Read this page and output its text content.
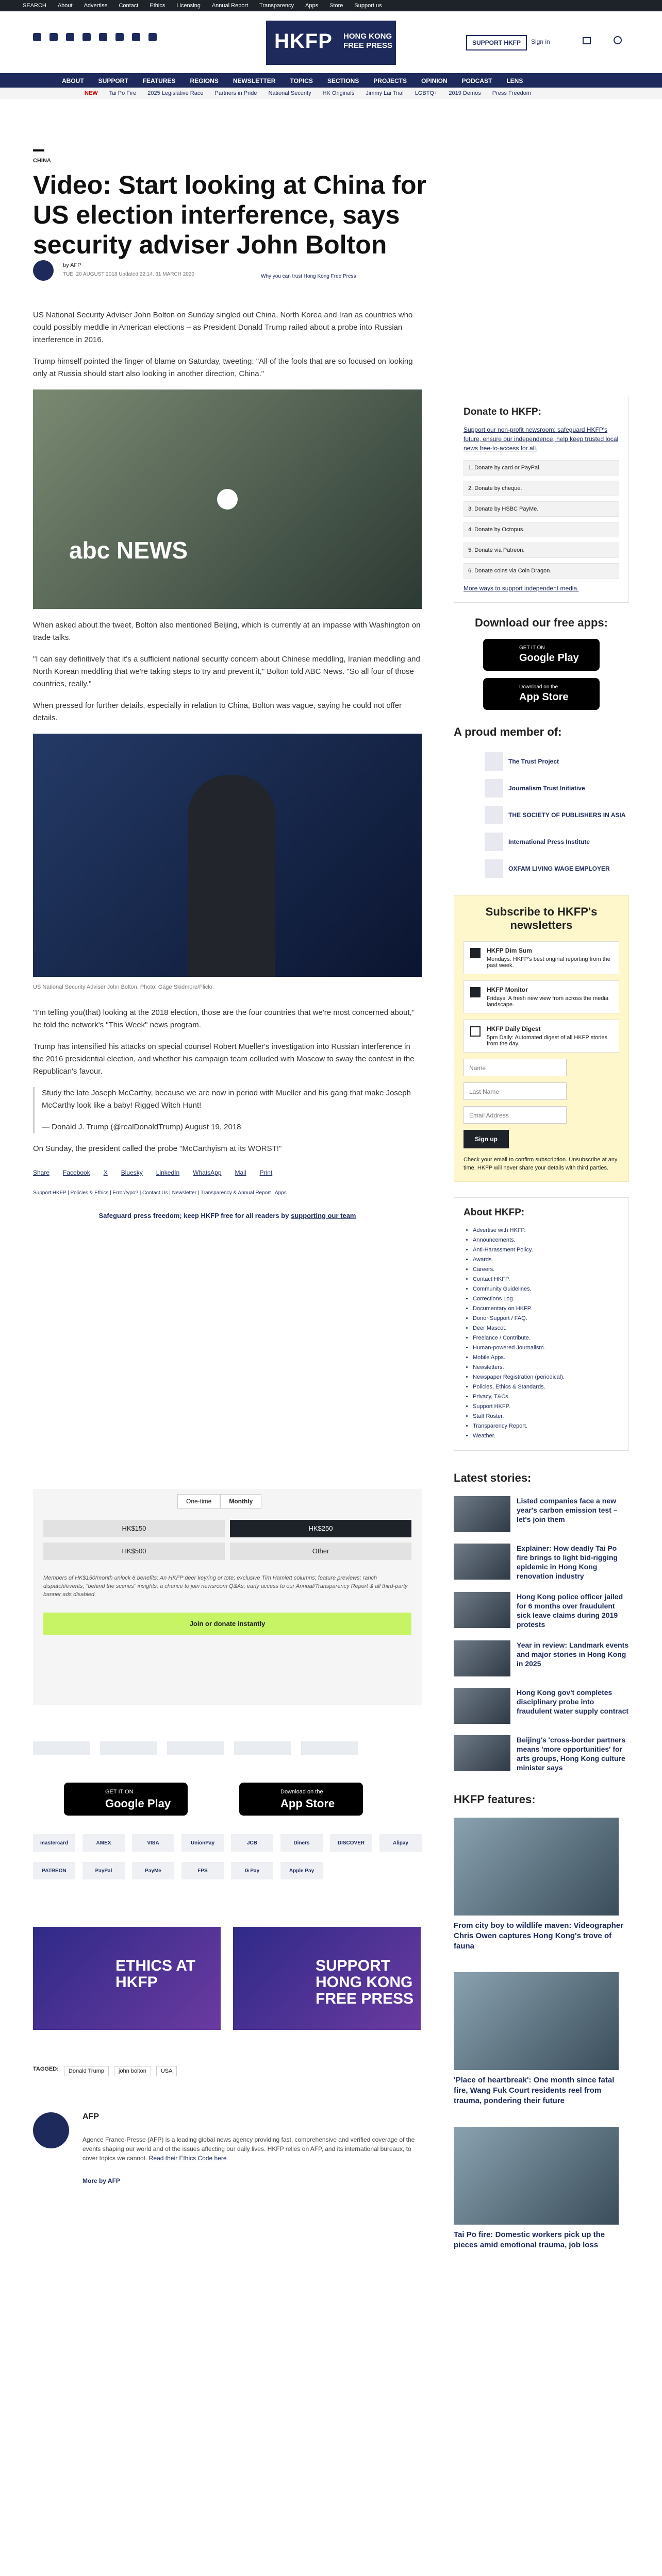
SEARCH About Advertise Contact Ethics Licensing Annual Report Transparency Apps Store Support us
HKFP HONG KONG
FREE PRESS	SUPPORT HKFP	Sign in
ABOUT SUPPORT FEATURES REGIONS NEWSLETTER TOPICS SECTIONS PROJECTS OPINION PODCAST LENS
NEW Tai Po Fire 2025 Legislative Race Partners in Pride National Security HK Originals Jimmy Lai Trial LGBTQ+ 2019 Demos Press Freedom
CHINA
Video: Start looking at China for US election interference, says security adviser John Bolton
by AFP
TUE, 20 AUGUST 2018 Updated 22:14, 31 MARCH 2020	Why you can trust Hong Kong Free Press

US National Security Adviser John Bolton on Sunday singled out China, North Korea and Iran as countries who could possibly meddle in American elections – as President Donald Trump railed about a probe into Russian interference in 2016.

Trump himself pointed the finger of blame on Saturday, tweeting: "All of the fools that are so focused on looking only at Russia should start also looking in another direction, China."

abc NEWS

When asked about the tweet, Bolton also mentioned Beijing, which is currently at an impasse with Washington on trade talks.

"I can say definitively that it's a sufficient national security concern about Chinese meddling, Iranian meddling and North Korean meddling that we're taking steps to try and prevent it," Bolton told ABC News. "So all four of those countries, really."

When pressed for further details, especially in relation to China, Bolton was vague, saying he could not offer details.

US National Security Adviser John Bolton. Photo: Gage Skidmore/Flickr.

"I'm telling you(that) looking at the 2018 election, those are the four countries that we're most concerned about," he told the network's "This Week" news program.

Trump has intensified his attacks on special counsel Robert Mueller's investigation into Russian interference in the 2016 presidential election, and whether his campaign team colluded with Moscow to sway the contest in the Republican's favour.

Study the late Joseph McCarthy, because we are now in period with Mueller and his gang that make Joseph McCarthy look like a baby! Rigged Witch Hunt!

— Donald J. Trump (@realDonaldTrump) August 19, 2018

On Sunday, the president called the probe "McCarthyism at its WORST!"

Share Facebook X Bluesky LinkedIn WhatsApp Mail Print
Support HKFP | Policies & Ethics | Error/typo? | Contact Us | Newsletter | Transparency & Annual Report | Apps
Safeguard press freedom; keep HKFP free for all readers by supporting our team
One-time	Monthly
HK$150	HK$250
HK$500	Other
Members of HK$150/month unlock 6 benefits: An HKFP deer keyring or tote; exclusive Tim Hamlett columns; feature previews; ranch dispatch/events; "behind the scenes" insights; a chance to join newsroom Q&As; early access to our Annual/Transparency Report & all third-party banner ads disabled.
Join or donate instantly
GET IT ON
Google Play
Download on the
App Store
mastercard	AMEX	VISA	UnionPay	JCB	Diners	DISCOVER	Alipay
PATREON	PayPal	PayMe	FPS	G Pay	Apple Pay
ETHICS AT HKFP
SUPPORT HONG KONG FREE PRESS
TAGGED:	Donald Trump	john bolton	USA
AFP
Agence France-Presse (AFP) is a leading global news agency providing fast, comprehensive and verified coverage of the events shaping our world and of the issues affecting our daily lives. HKFP relies on AFP, and its international bureaux, to cover topics we cannot. Read their Ethics Code here
More by AFP
Donate to HKFP:

Support our non-profit newsroom: safeguard HKFP's future, ensure our independence, help keep trusted local news free-to-access for all.

1. Donate by card or PayPal.
2. Donate by cheque.
3. Donate by HSBC PayMe.
4. Donate by Octopus.
5. Donate via Patreon.
6. Donate coins via Coin Dragon.

More ways to support independent media.

Download our free apps:
GET IT ON
Google Play
Download on the
App Store
A proud member of:
The Trust Project
Journalism Trust Initiative
THE SOCIETY OF PUBLISHERS IN ASIA
International Press Institute
OXFAM LIVING WAGE EMPLOYER
Subscribe to HKFP's newsletters
HKFP Dim Sum
Mondays: HKFP's best original reporting from the past week.
HKFP Monitor
Fridays: A fresh new view from across the media landscape.
HKFP Daily Digest
5pm Daily: Automated digest of all HKFP stories from the day.
Name
Last Name
Email Address
Sign up

Check your email to confirm subscription. Unsubscribe at any time. HKFP will never share your details with third parties.

About HKFP:
• Advertise with HKFP.
• Announcements.
• Anti-Harassment Policy.
• Awards.
• Careers.
• Contact HKFP.
• Community Guidelines.
• Corrections Log.
• Documentary on HKFP.
• Donor Support / FAQ.
• Deer Mascot.
• Freelance / Contribute.
• Human-powered Journalism.
• Mobile Apps.
• Newsletters.
• Newspaper Registration (periodical).
• Policies, Ethics & Standards.
• Privacy, T&Cs.
• Support HKFP.
• Staff Roster.
• Transparency Report.
• Weather.
Latest stories:
Listed companies face a new year's carbon emission test – let's join them
Explainer: How deadly Tai Po fire brings to light bid-rigging epidemic in Hong Kong renovation industry
Hong Kong police officer jailed for 6 months over fraudulent sick leave claims during 2019 protests
Year in review: Landmark events and major stories in Hong Kong in 2025
Hong Kong gov't completes disciplinary probe into fraudulent water supply contract
Beijing's 'cross-border partners means 'more opportunities' for arts groups, Hong Kong culture minister says
HKFP features:
From city boy to wildlife maven: Videographer Chris Owen captures Hong Kong's trove of fauna
'Place of heartbreak': One month since fatal fire, Wang Fuk Court residents reel from trauma, pondering their future
Tai Po fire: Domestic workers pick up the pieces amid emotional trauma, job loss
